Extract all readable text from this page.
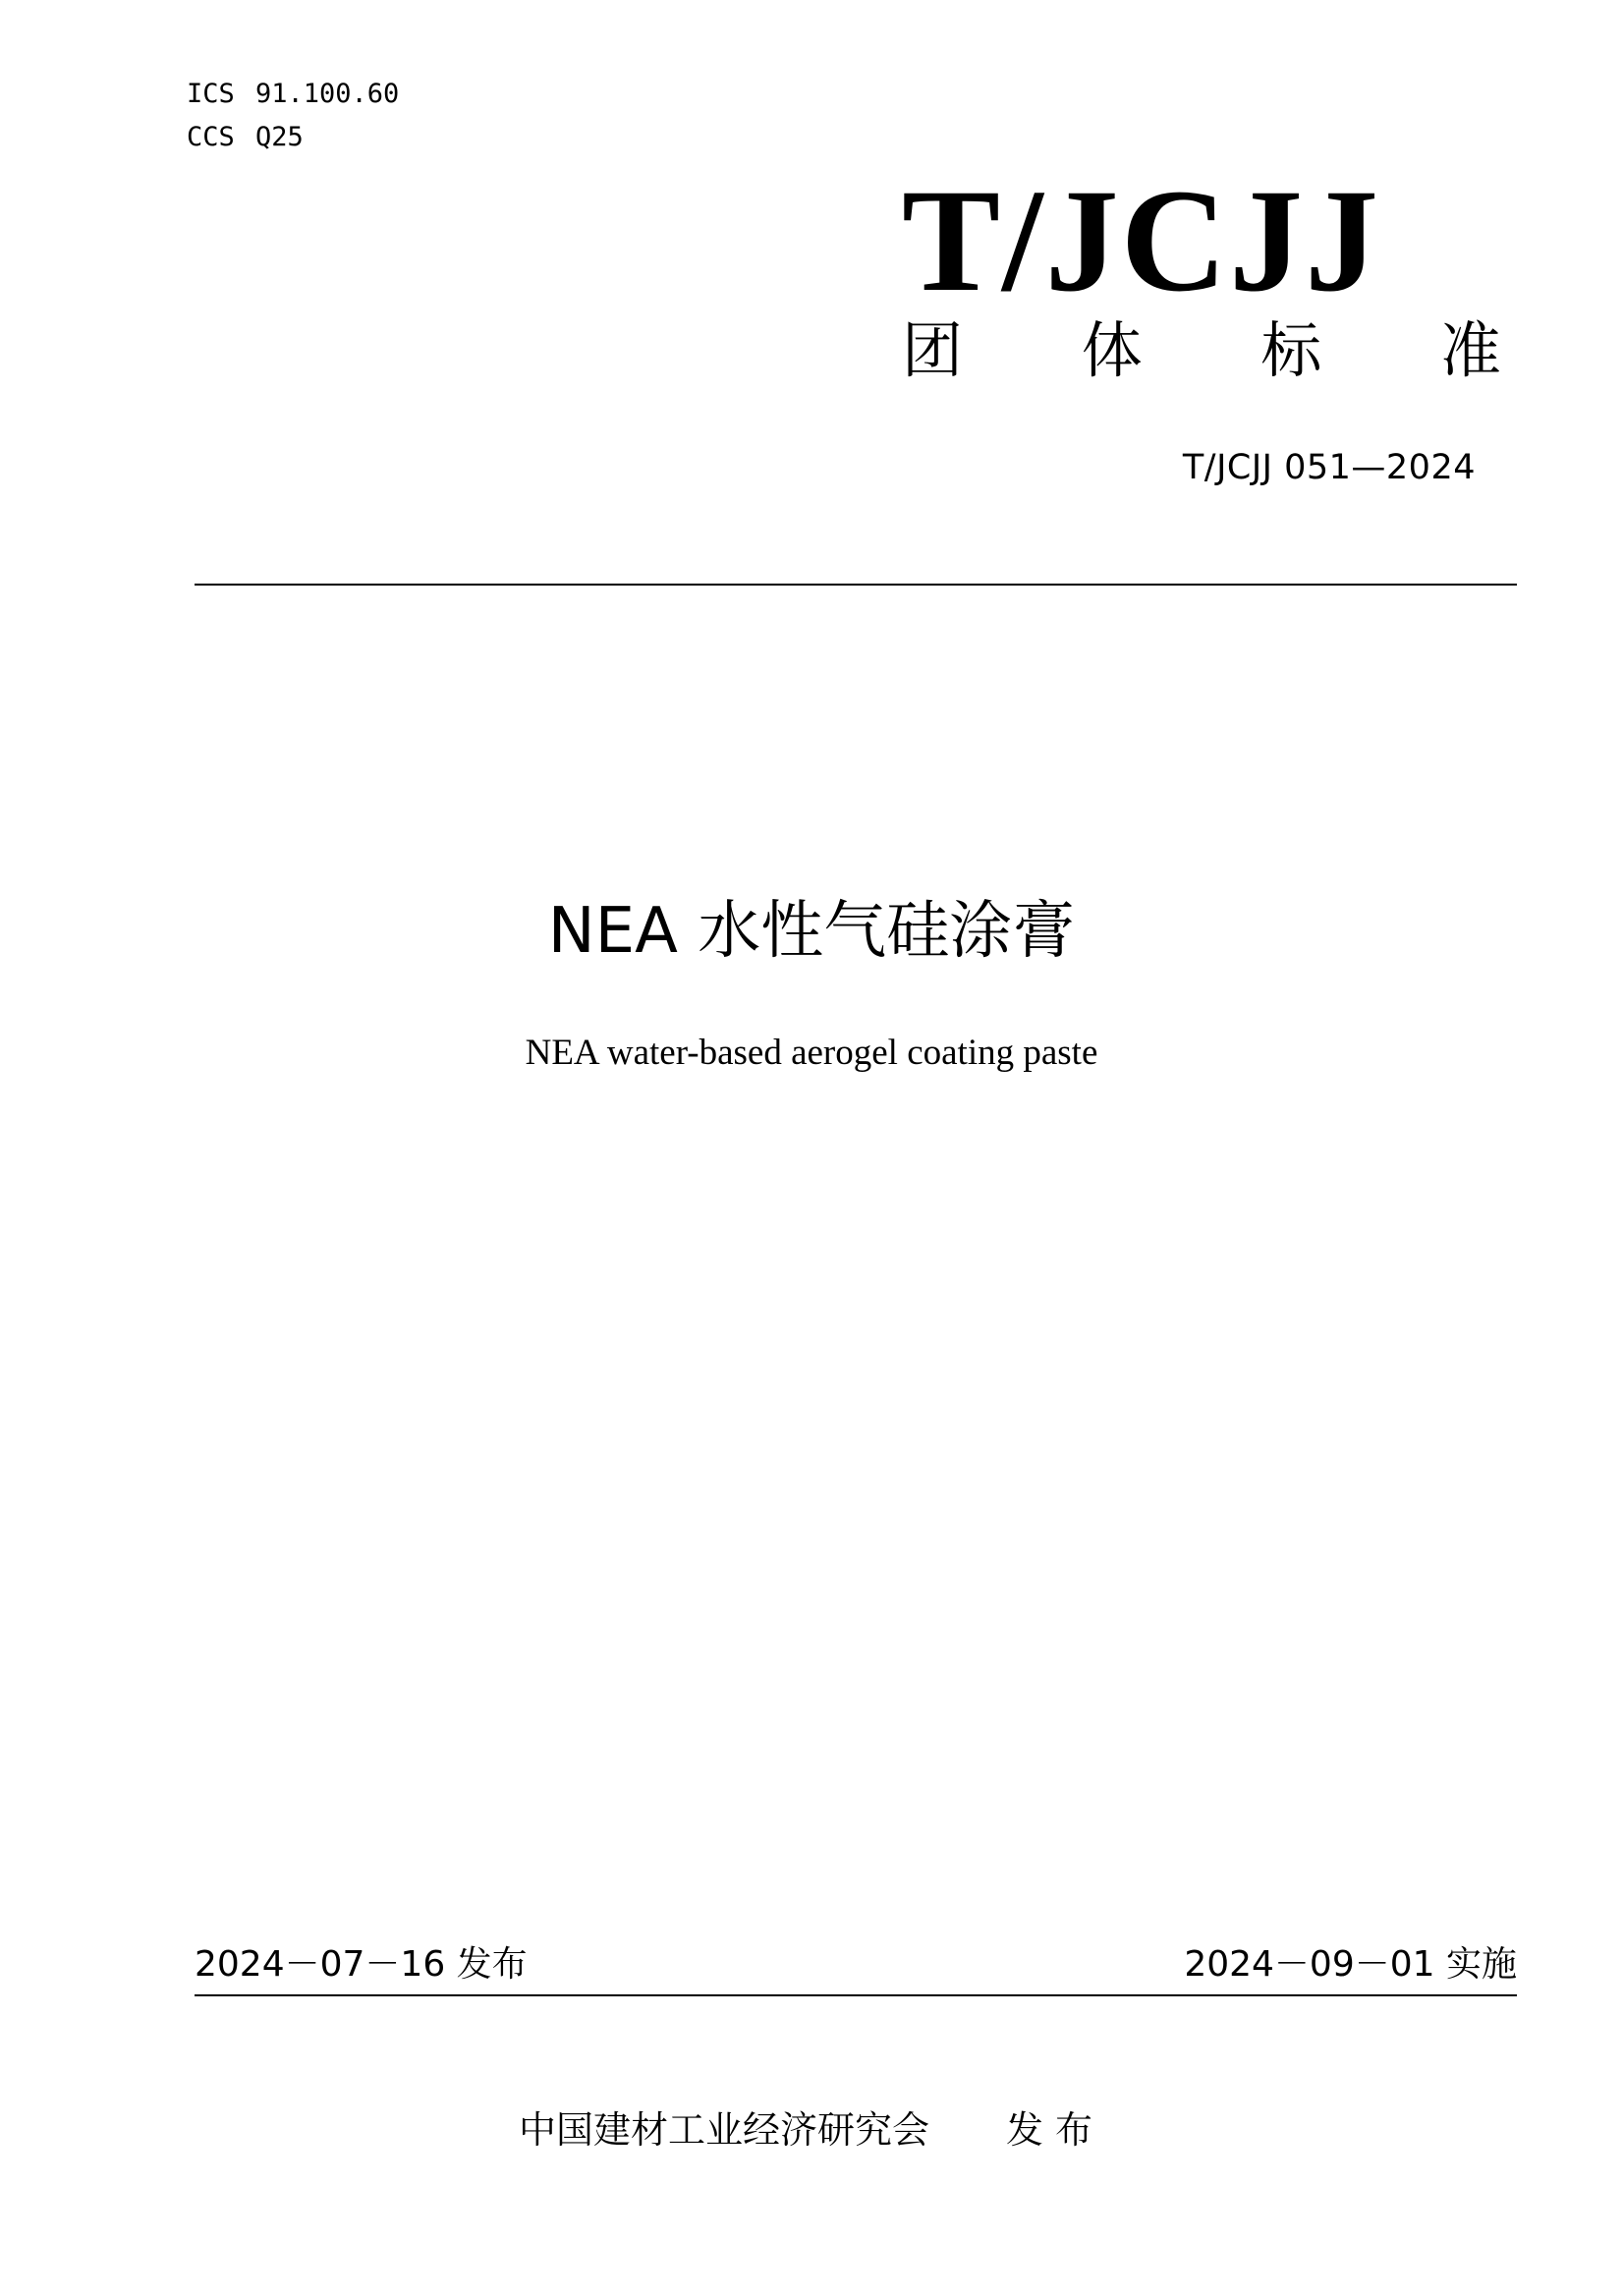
ICS 91.100.60
CCS Q25
T/JCJJ
团 体 标 准
T/JCJJ 051—2024
NEA 水性气硅涂膏
NEA water-based aerogel coating paste
2024－07－16 发布	2024－09－01 实施
中国建材工业经济研究会 发布
